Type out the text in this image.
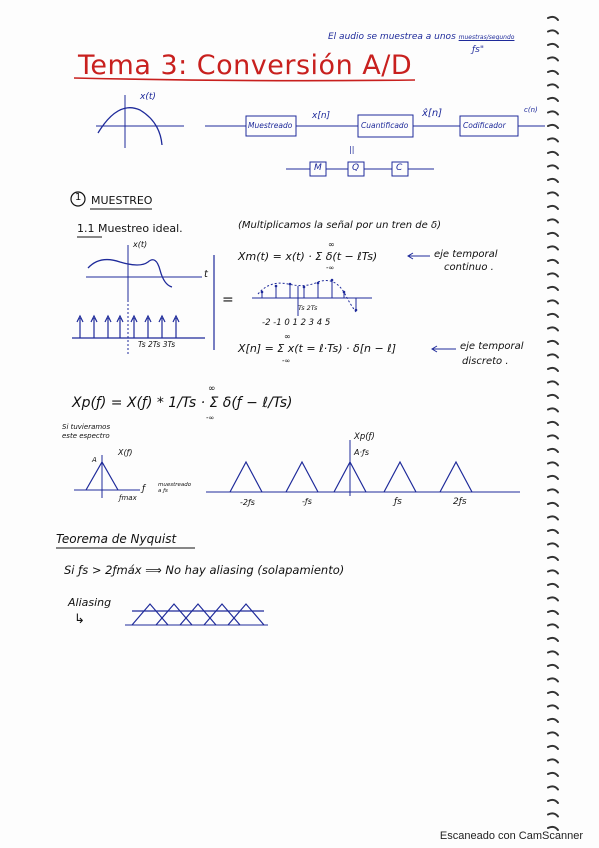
El audio se muestrea a unos muestras/segundo
ƒs"
Tema 3: Conversión A/D
x(t)
Muestreado	Cuantificado	Codificador
x[n]	x̂[n]	c(n)
||
M	Q	C
1 MUESTREO
1.1 Muestreo ideal.	(Multiplicamos la señal por un tren de δ)
x(t)
t
Ts 2Ts 3Ts
=	Ts 2Ts
-2 -1 0 1 2 3 4 5
Xm(t) = x(t) · Σ δ(t − ℓTs)
∞
-∞
eje temporal
continuo .
X[n] = Σ x(t = ℓ·Ts) · δ[n − ℓ]
∞
-∞
eje temporal
discreto .
Xp(ƒ) = X(ƒ) * 1/Ts · Σ δ(ƒ − ℓ/Ts)
∞
-∞
Si tuvieramos
este espectro
X(ƒ)
A
ƒmax
ƒ muestreado a ƒs
Xp(ƒ)
A·ƒs
-2ƒs	-ƒs	ƒs	2ƒs
Teorema de Nyquist
Si ƒs > 2ƒmáx ⟹ No hay aliasing (solapamiento)
Aliasing
↳
Escaneado con CamScanner
